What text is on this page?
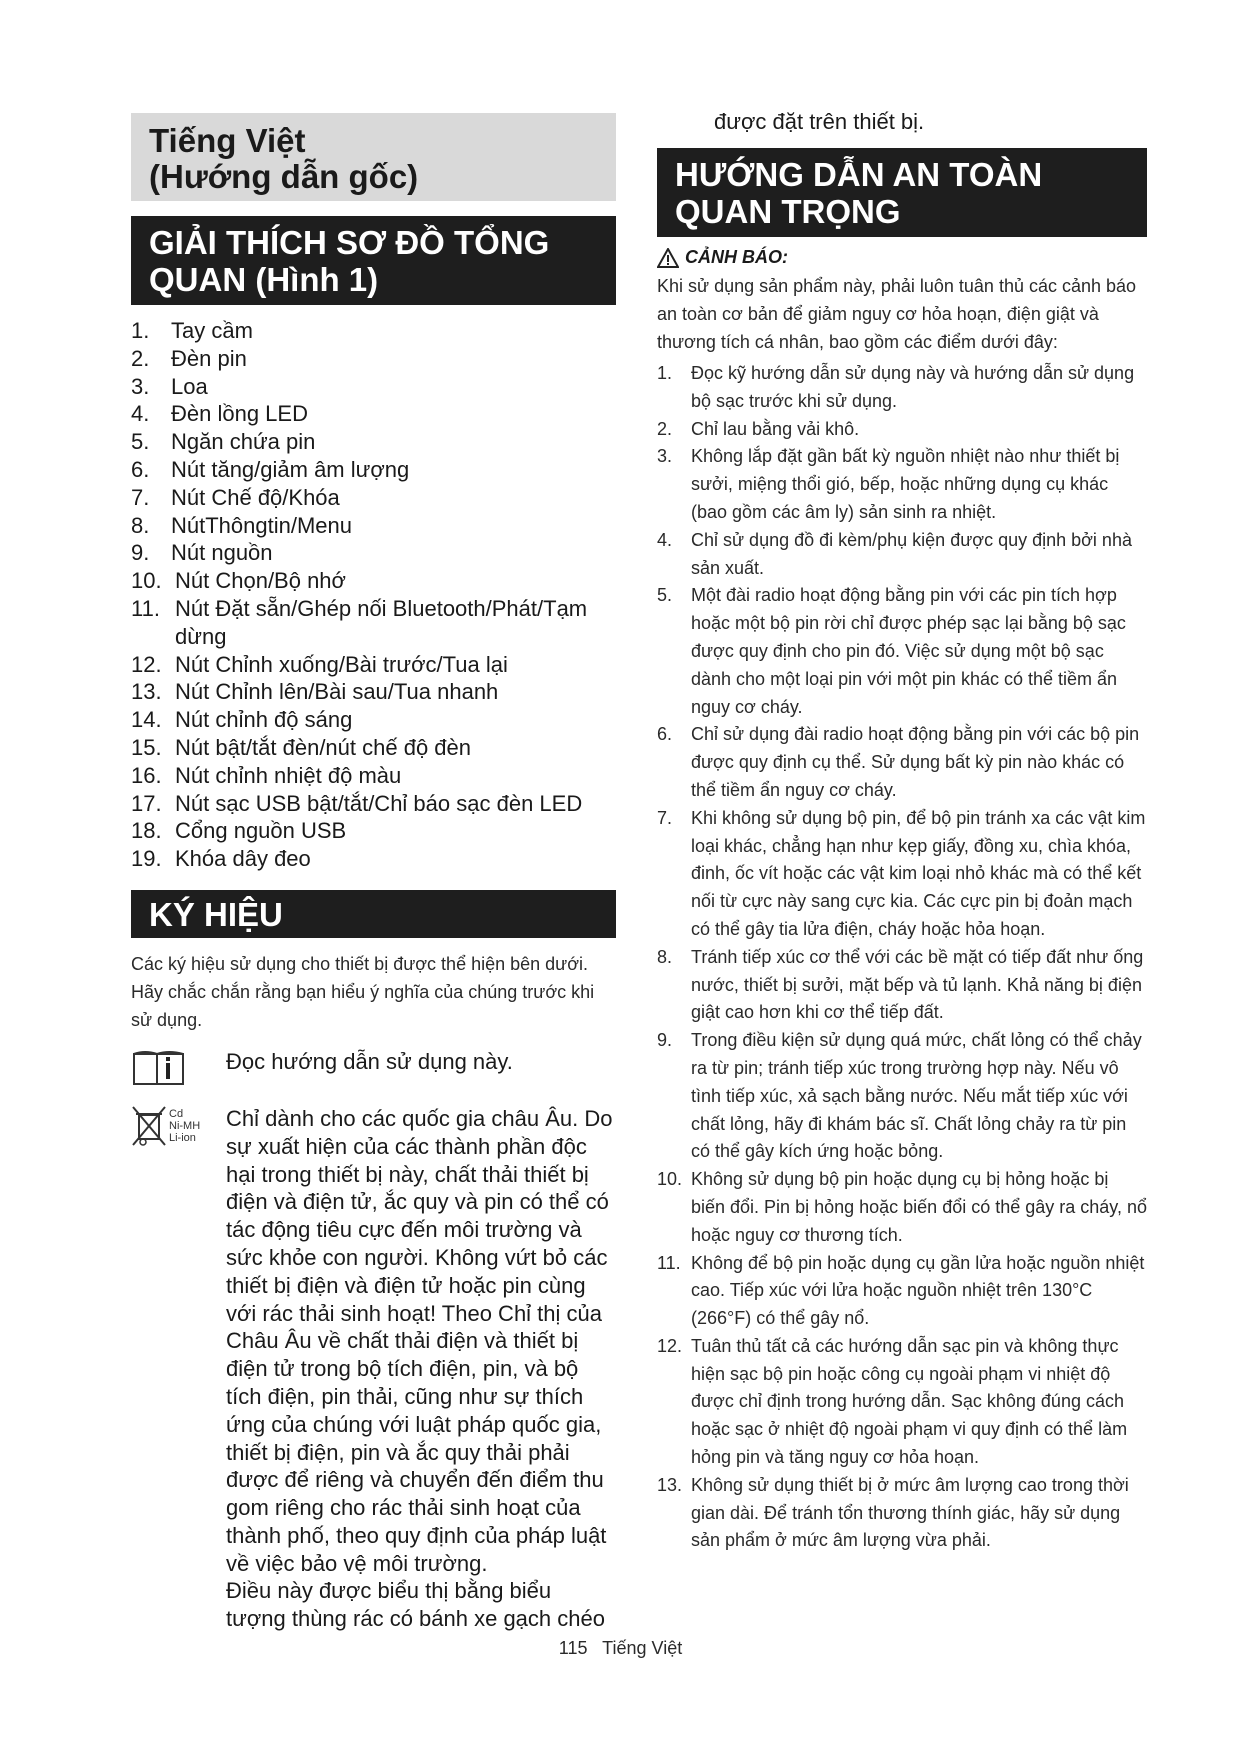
Tiếng Việt
(Hướng dẫn gốc)
GIẢI THÍCH SƠ ĐỒ TỔNG QUAN (Hình 1)
1. Tay cầm
2. Đèn pin
3. Loa
4. Đèn lồng LED
5. Ngăn chứa pin
6. Nút tăng/giảm âm lượng
7. Nút Chế độ/Khóa
8. NútThôngtin/Menu
9. Nút nguồn
10. Nút Chọn/Bộ nhớ
11. Nút Đặt sẵn/Ghép nối Bluetooth/Phát/Tạm dừng
12. Nút Chỉnh xuống/Bài trước/Tua lại
13. Nút Chỉnh lên/Bài sau/Tua nhanh
14. Nút chỉnh độ sáng
15. Nút bật/tắt đèn/nút chế độ đèn
16. Nút chỉnh nhiệt độ màu
17. Nút sạc USB bật/tắt/Chỉ báo sạc đèn LED
18. Cổng nguồn USB
19. Khóa dây đeo
KÝ HIỆU
Các ký hiệu sử dụng cho thiết bị được thể hiện bên dưới. Hãy chắc chắn rằng bạn hiểu ý nghĩa của chúng trước khi sử dụng.
Đọc hướng dẫn sử dụng này.
Cd
Ni-MH
Li-ion
Chỉ dành cho các quốc gia châu Âu. Do sự xuất hiện của các thành phần độc hại trong thiết bị này, chất thải thiết bị điện và điện tử, ắc quy và pin có thể có tác động tiêu cực đến môi trường và sức khỏe con người. Không vứt bỏ các thiết bị điện và điện tử hoặc pin cùng với rác thải sinh hoạt! Theo Chỉ thị của Châu Âu về chất thải điện và thiết bị điện tử trong bộ tích điện, pin, và bộ tích điện, pin thải, cũng như sự thích ứng của chúng với luật pháp quốc gia, thiết bị điện, pin và ắc quy thải phải được để riêng và chuyển đến điểm thu gom riêng cho rác thải sinh hoạt của thành phố, theo quy định của pháp luật về việc bảo vệ môi trường.
Điều này được biểu thị bằng biểu tượng thùng rác có bánh xe gạch chéo
được đặt trên thiết bị.
HƯỚNG DẪN AN TOÀN QUAN TRỌNG
CẢNH BÁO:
Khi sử dụng sản phẩm này, phải luôn tuân thủ các cảnh báo an toàn cơ bản để giảm nguy cơ hỏa hoạn, điện giật và thương tích cá nhân, bao gồm các điểm dưới đây:
1.	Đọc kỹ hướng dẫn sử dụng này và hướng dẫn sử dụng bộ sạc trước khi sử dụng.
2.	Chỉ lau bằng vải khô.
3.	Không lắp đặt gần bất kỳ nguồn nhiệt nào như thiết bị sưởi, miệng thổi gió, bếp, hoặc những dụng cụ khác (bao gồm các âm ly) sản sinh ra nhiệt.
4.	Chỉ sử dụng đồ đi kèm/phụ kiện được quy định bởi nhà sản xuất.
5.	Một đài radio hoạt động bằng pin với các pin tích hợp hoặc một bộ pin rời chỉ được phép sạc lại bằng bộ sạc được quy định cho pin đó. Việc sử dụng một bộ sạc dành cho một loại pin với một pin khác có thể tiềm ẩn nguy cơ cháy.
6.	Chỉ sử dụng đài radio hoạt động bằng pin với các bộ pin được quy định cụ thể. Sử dụng bất kỳ pin nào khác có thể tiềm ẩn nguy cơ cháy.
7.	Khi không sử dụng bộ pin, để bộ pin tránh xa các vật kim loại khác, chẳng hạn như kẹp giấy, đồng xu, chìa khóa, đinh, ốc vít hoặc các vật kim loại nhỏ khác mà có thể kết nối từ cực này sang cực kia. Các cực pin bị đoản mạch có thể gây tia lửa điện, cháy hoặc hỏa hoạn.
8.	Tránh tiếp xúc cơ thể với các bề mặt có tiếp đất như ống nước, thiết bị sưởi, mặt bếp và tủ lạnh. Khả năng bị điện giật cao hơn khi cơ thể tiếp đất.
9.	Trong điều kiện sử dụng quá mức, chất lỏng có thể chảy ra từ pin; tránh tiếp xúc trong trường hợp này. Nếu vô tình tiếp xúc, xả sạch bằng nước. Nếu mắt tiếp xúc với chất lỏng, hãy đi khám bác sĩ. Chất lỏng chảy ra từ pin có thể gây kích ứng hoặc bỏng.
10. Không sử dụng bộ pin hoặc dụng cụ bị hỏng hoặc bị biến đổi. Pin bị hỏng hoặc biến đổi có thể gây ra cháy, nổ hoặc nguy cơ thương tích.
11. Không để bộ pin hoặc dụng cụ gần lửa hoặc nguồn nhiệt cao. Tiếp xúc với lửa hoặc nguồn nhiệt trên 130°C (266°F) có thể gây nổ.
12. Tuân thủ tất cả các hướng dẫn sạc pin và không thực hiện sạc bộ pin hoặc công cụ ngoài phạm vi nhiệt độ được chỉ định trong hướng dẫn. Sạc không đúng cách hoặc sạc ở nhiệt độ ngoài phạm vi quy định có thể làm hỏng pin và tăng nguy cơ hỏa hoạn.
13. Không sử dụng thiết bị ở mức âm lượng cao trong thời gian dài. Để tránh tổn thương thính giác, hãy sử dụng sản phẩm ở mức âm lượng vừa phải.
115 Tiếng Việt
